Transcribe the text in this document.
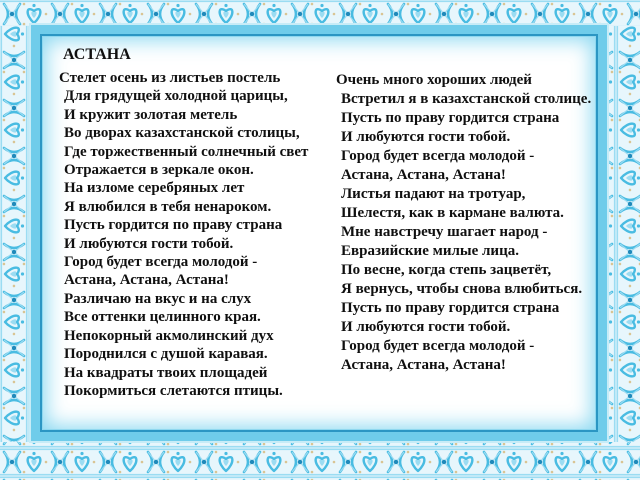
АСТАНА
Стелет осень из листьев постель
Для грядущей холодной царицы,
И кружит золотая метель
Во дворах казахстанской столицы,
Где торжественный солнечный свет
Отражается в зеркале окон.
На изломе серебряных лет
Я влюбился в тебя ненароком.
Пусть гордится по праву страна
И любуются гости тобой.
Город будет всегда молодой -
Астана, Астана, Астана!
Различаю на вкус и на слух
Все оттенки целинного края.
Непокорный акмолинский дух
Породнился с душой каравая.
На квадраты твоих площадей
Покормиться слетаются птицы.
Очень много хороших людей
Встретил я в казахстанской столице.
Пусть по праву гордится страна
И любуются гости тобой.
Город будет всегда молодой -
Астана, Астана, Астана!
Листья падают на тротуар,
Шелестя, как в кармане валюта.
Мне навстречу шагает народ -
Евразийские милые лица.
По весне, когда степь зацветёт,
Я вернусь, чтобы снова влюбиться.
Пусть по праву гордится страна
И любуются гости тобой.
Город будет всегда молодой -
Астана, Астана, Астана!
